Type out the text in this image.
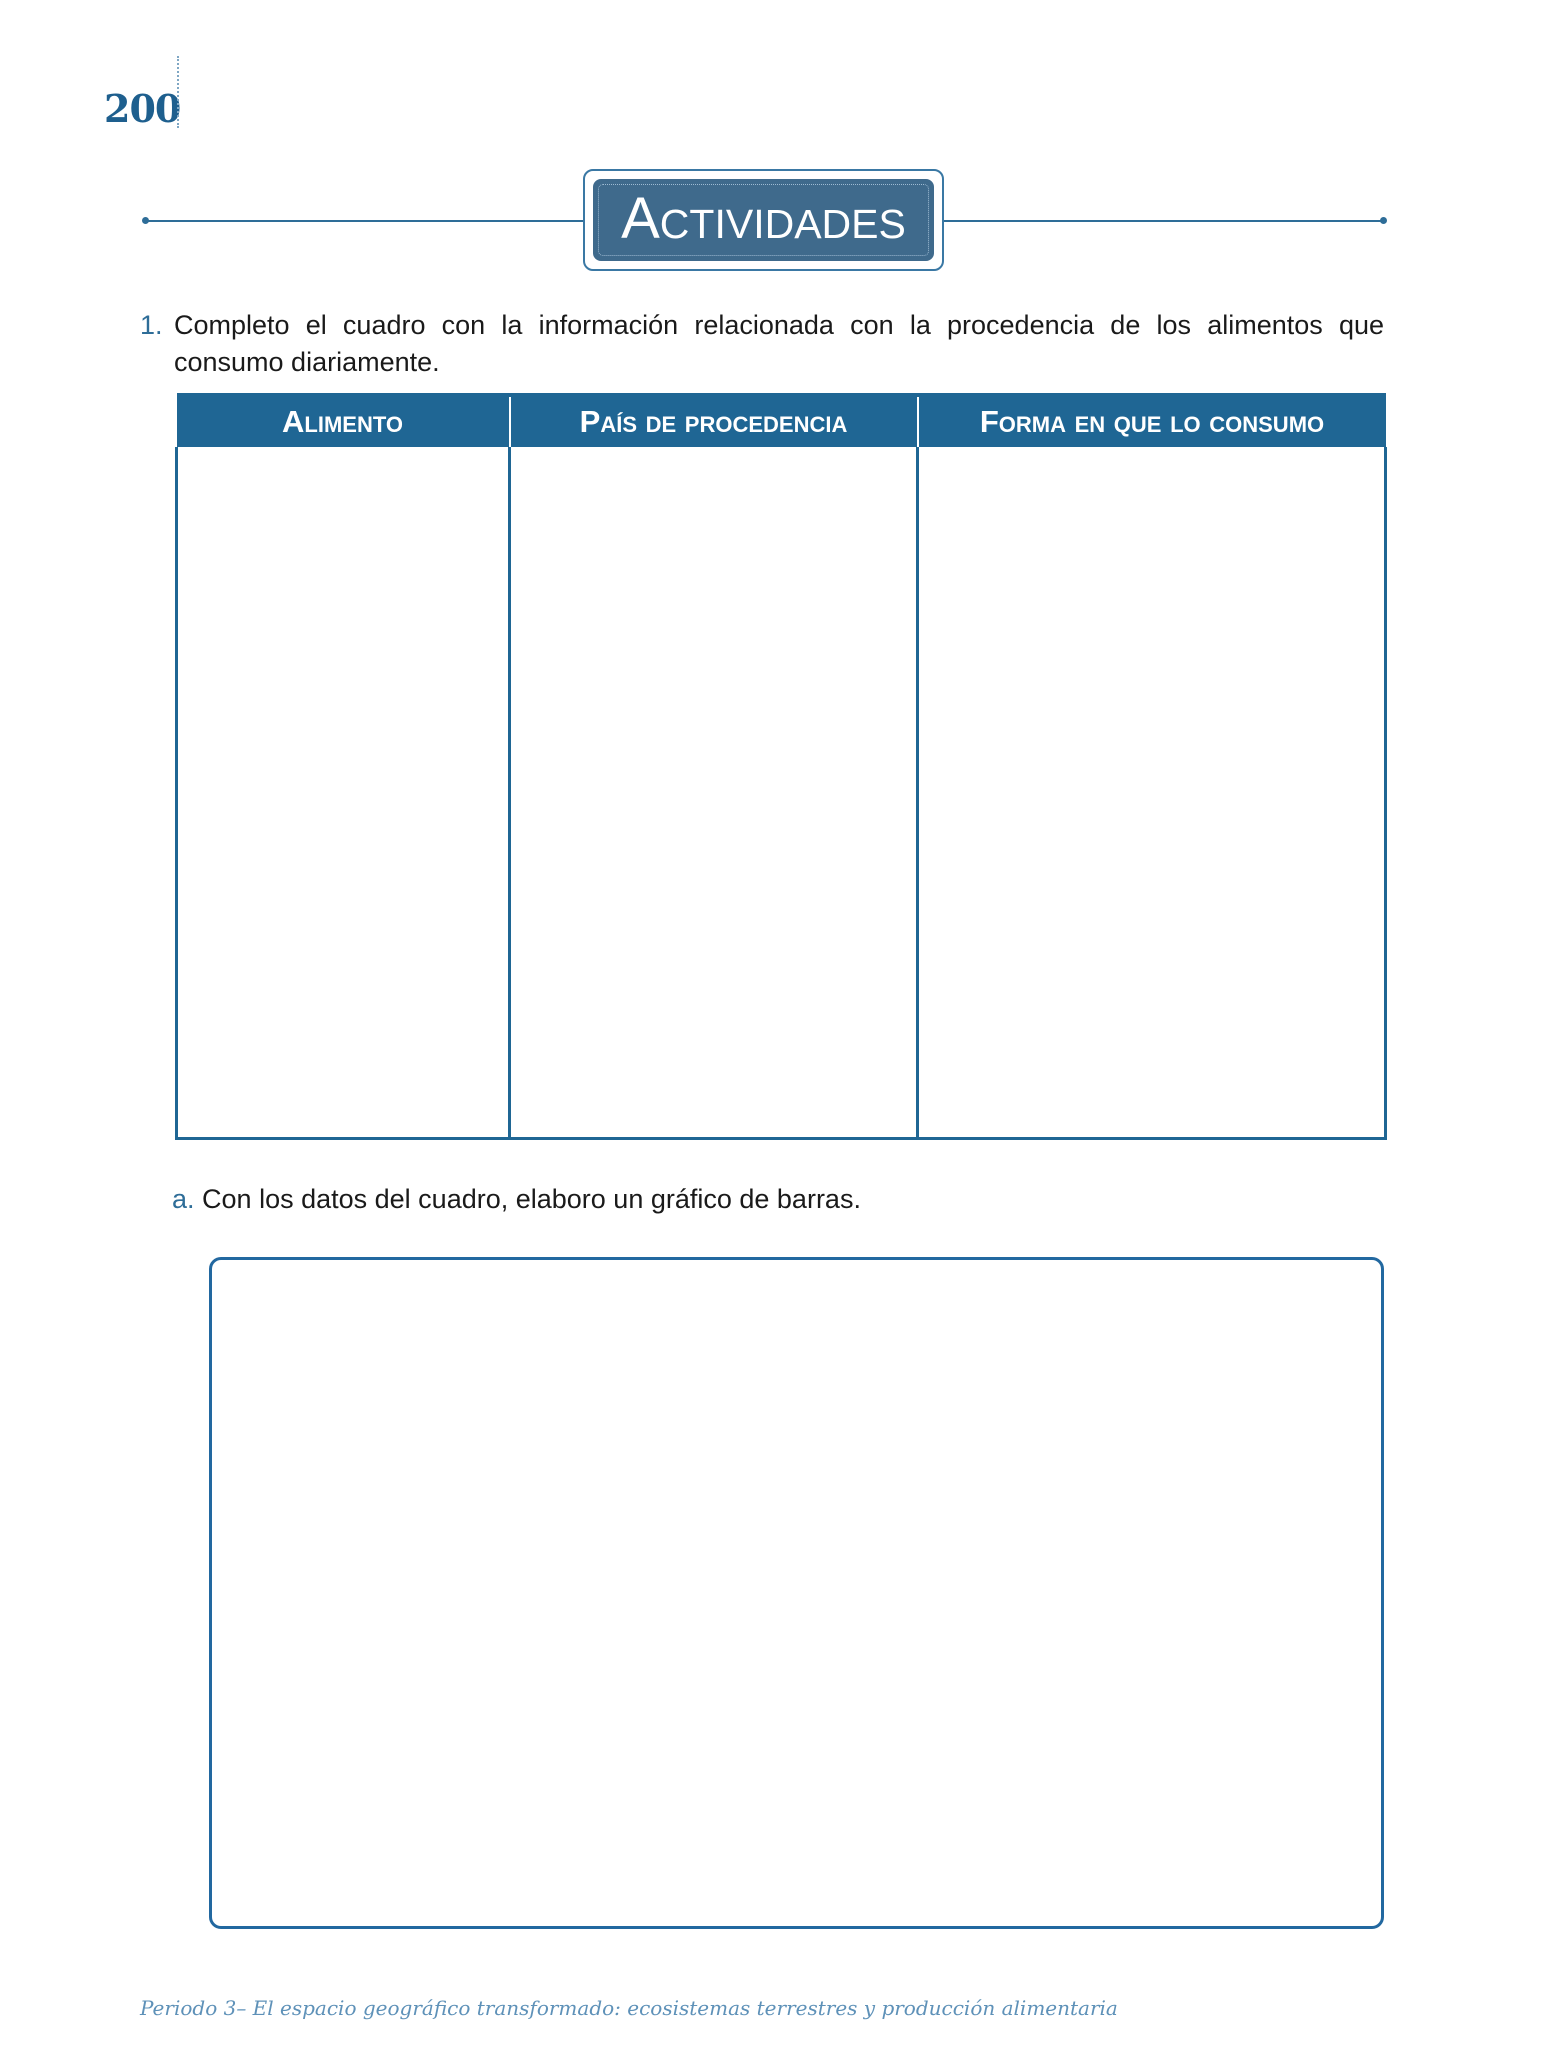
200
Actividades
1. Completo el cuadro con la información relacionada con la procedencia de los alimentos que consumo diariamente.
Alimento	País de procedencia	Forma en que lo consumo

a. Con los datos del cuadro, elaboro un gráfico de barras.
Periodo 3– El espacio geográfico transformado: ecosistemas terrestres y producción alimentaria
